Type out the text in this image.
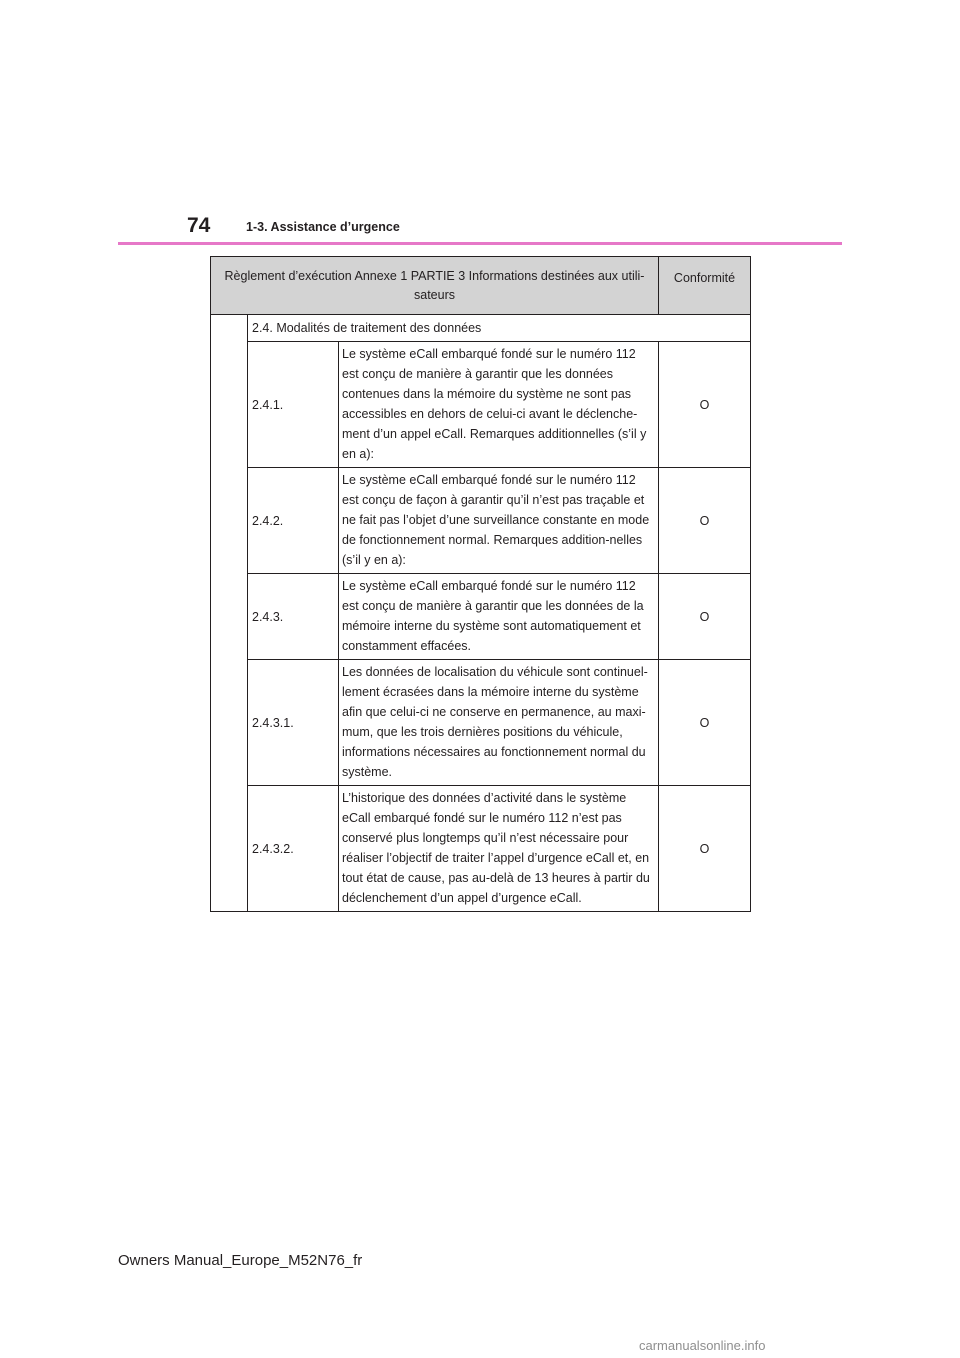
74	1-3. Assistance d’urgence
Règlement d’exécution Annexe 1 PARTIE 3 Informations destinées aux utili-sateurs			Conformité
	2.4. Modalités de traitement des données		
	2.4.1.	Le système eCall embarqué fondé sur le numéro 112 est conçu de manière à garantir que les données contenues dans la mémoire du système ne sont pas accessibles en dehors de celui-ci avant le déclenche-ment d’un appel eCall. Remarques additionnelles (s’il y en a):	O
	2.4.2.	Le système eCall embarqué fondé sur le numéro 112 est conçu de façon à garantir qu’il n’est pas traçable et ne fait pas l’objet d’une surveillance constante en mode de fonctionnement normal. Remarques addition-nelles (s’il y en a):	O
	2.4.3.	Le système eCall embarqué fondé sur le numéro 112 est conçu de manière à garantir que les données de la mémoire interne du système sont automatiquement et constamment effacées.	O
	2.4.3.1.	Les données de localisation du véhicule sont continuel-lement écrasées dans la mémoire interne du système afin que celui-ci ne conserve en permanence, au maxi-mum, que les trois dernières positions du véhicule, informations nécessaires au fonctionnement normal du système.	O
	2.4.3.2.	L’historique des données d’activité dans le système eCall embarqué fondé sur le numéro 112 n’est pas conservé plus longtemps qu’il n’est nécessaire pour réaliser l’objectif de traiter l’appel d’urgence eCall et, en tout état de cause, pas au-delà de 13 heures à partir du déclenchement d’un appel d’urgence eCall.	O
Owners Manual_Europe_M52N76_fr
carmanualsonline.info
